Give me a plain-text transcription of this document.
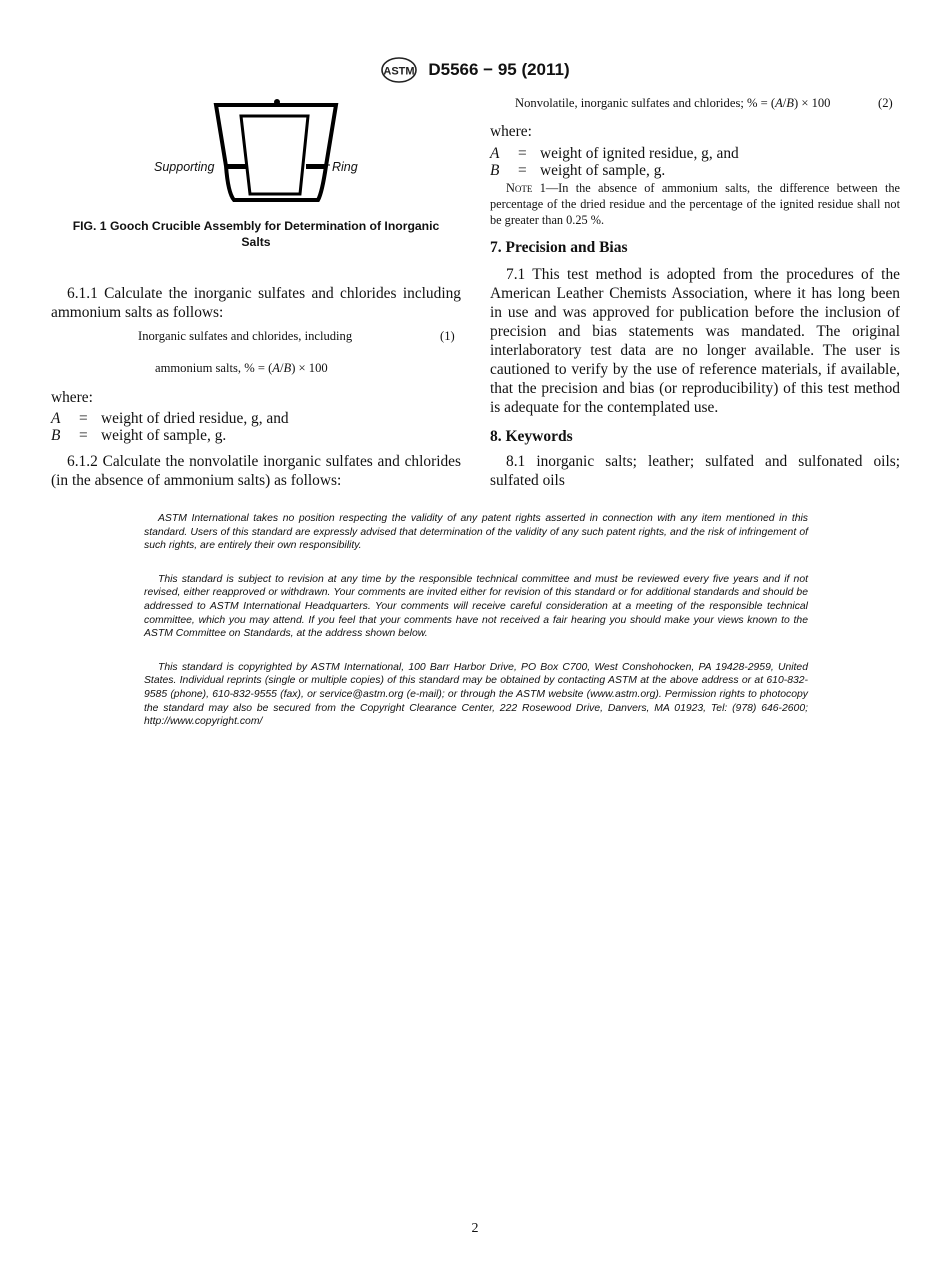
ASTM D5566 − 95 (2011)
Supporting	Ring
FIG. 1 Gooch Crucible Assembly for Determination of Inorganic
Salts
6.1.1 Calculate the inorganic sulfates and chlorides including ammonium salts as follows:
Inorganic sulfates and chlorides, including	(1)
ammonium salts, % = (A/B) × 100
where:
A = weight of dried residue, g, and
B = weight of sample, g.
6.1.2 Calculate the nonvolatile inorganic sulfates and chlorides (in the absence of ammonium salts) as follows:
Nonvolatile, inorganic sulfates and chlorides; % = (A/B) × 100	(2)
where:
A = weight of ignited residue, g, and
B = weight of sample, g.
Note 1—In the absence of ammonium salts, the difference between the percentage of the dried residue and the percentage of the ignited residue shall not be greater than 0.25 %.
7. Precision and Bias
7.1 This test method is adopted from the procedures of the American Leather Chemists Association, where it has long been in use and was approved for publication before the inclusion of precision and bias statements was mandated. The original interlaboratory test data are no longer available. The user is cautioned to verify by the use of reference materials, if available, that the precision and bias (or reproducibility) of this test method is adequate for the contemplated use.
8. Keywords
8.1 inorganic salts; leather; sulfated and sulfonated oils; sulfated oils

ASTM International takes no position respecting the validity of any patent rights asserted in connection with any item mentioned in this standard. Users of this standard are expressly advised that determination of the validity of any such patent rights, and the risk of infringement of such rights, are entirely their own responsibility.

This standard is subject to revision at any time by the responsible technical committee and must be reviewed every five years and if not revised, either reapproved or withdrawn. Your comments are invited either for revision of this standard or for additional standards and should be addressed to ASTM International Headquarters. Your comments will receive careful consideration at a meeting of the responsible technical committee, which you may attend. If you feel that your comments have not received a fair hearing you should make your views known to the ASTM Committee on Standards, at the address shown below.

This standard is copyrighted by ASTM International, 100 Barr Harbor Drive, PO Box C700, West Conshohocken, PA 19428-2959, United States. Individual reprints (single or multiple copies) of this standard may be obtained by contacting ASTM at the above address or at 610-832-9585 (phone), 610-832-9555 (fax), or service@astm.org (e-mail); or through the ASTM website (www.astm.org). Permission rights to photocopy the standard may also be secured from the Copyright Clearance Center, 222 Rosewood Drive, Danvers, MA 01923, Tel: (978) 646-2600; http://www.copyright.com/

2
